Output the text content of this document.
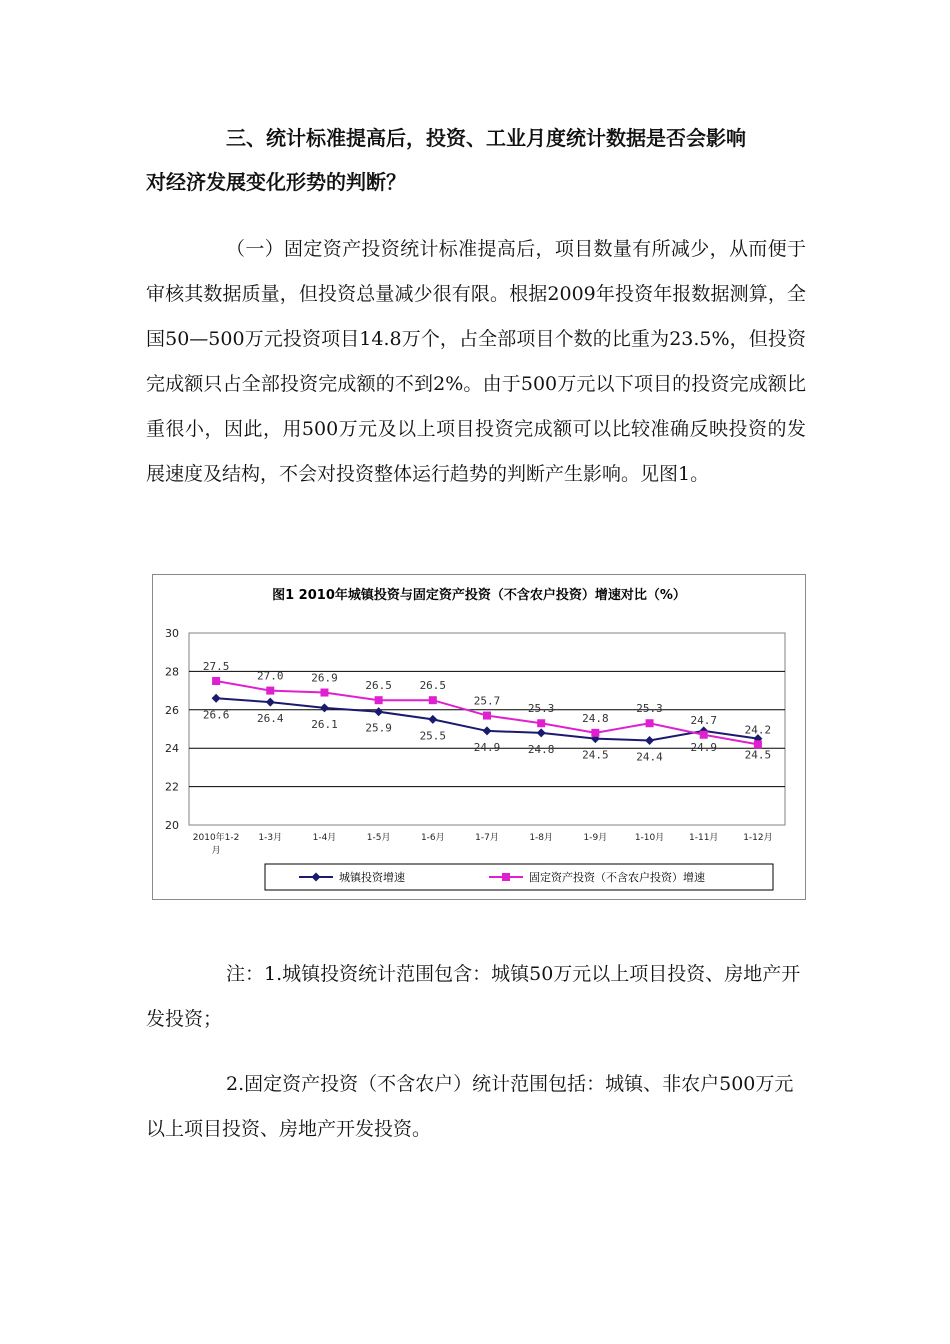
三、统计标准提高后，投资、工业月度统计数据是否会影响
对经济发展变化形势的判断？

（一）固定资产投资统计标准提高后，项目数量有所减少，从而便于审核其数据质量，但投资总量减少很有限。根据2009年投资年报数据测算，全国50—500万元投资项目14.8万个，占全部项目个数的比重为23.5%，但投资完成额只占全部投资完成额的不到2%。由于500万元以下项目的投资完成额比重很小，因此，用500万元及以上项目投资完成额可以比较准确反映投资的发展速度及结构，不会对投资整体运行趋势的判断产生影响。见图1。

图1 2010年城镇投资与固定资产投资（不含农户投资）增速对比（%）
20
22
24
26
28
30
2010年1-2
月
1-3月	1-4月	1-5月	1-6月	1-7月	1-8月	1-9月	1-10月	1-11月	1-12月
26.6	26.4	26.1	25.9
25.5
24.9	24.8	24.5	24.4
24.9
24.5
27.5
27.0	26.9
26.5	26.5
25.7
25.3
24.8
25.3
24.7
24.2
城镇投资增速	固定资产投资（不含农户投资）增速

注：1.城镇投资统计范围包含：城镇50万元以上项目投资、房地产开发投资；

2.固定资产投资（不含农户）统计范围包括：城镇、非农户500万元以上项目投资、房地产开发投资。
